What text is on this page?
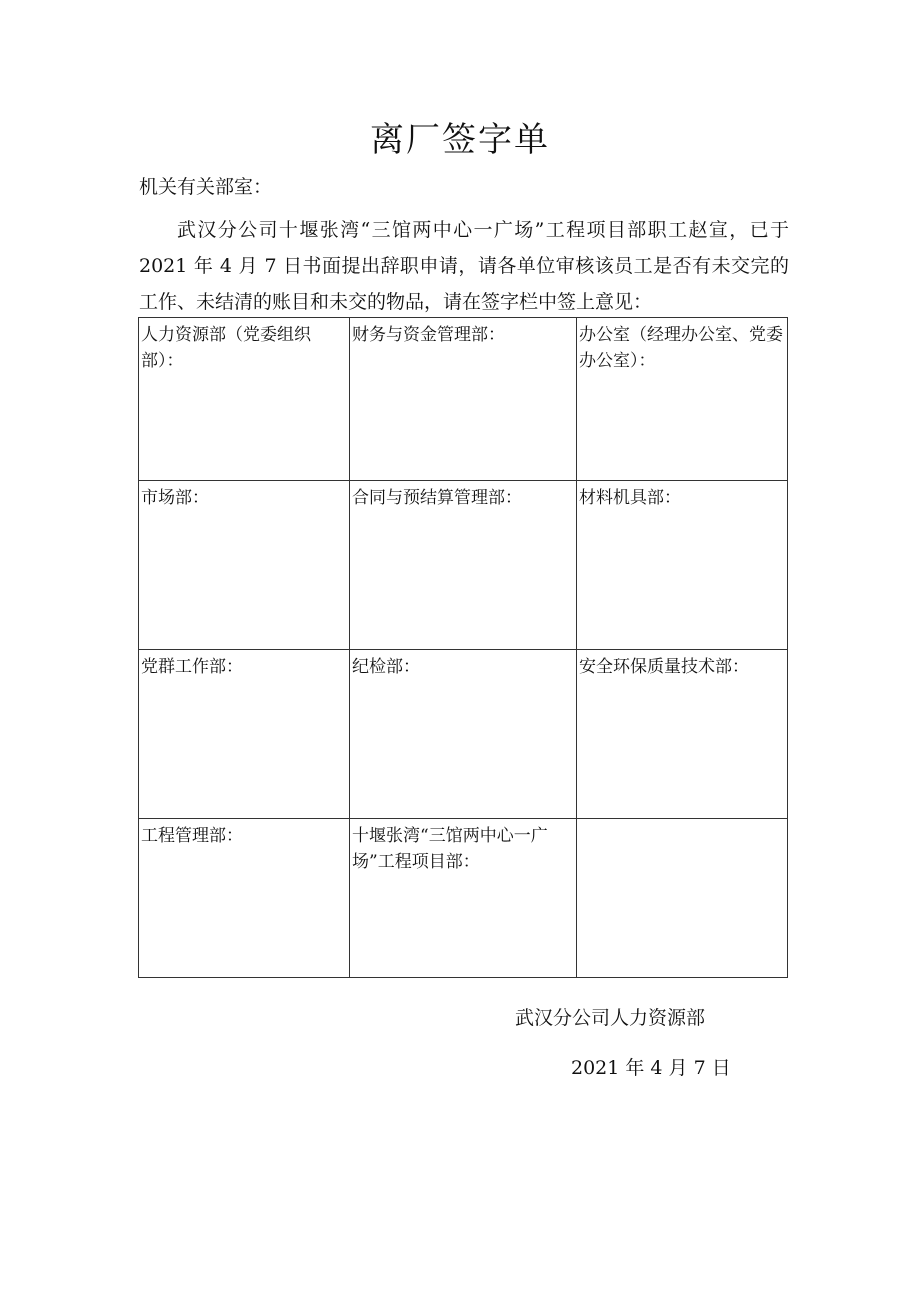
离厂签字单
机关有关部室：
武汉分公司十堰张湾“三馆两中心一广场”工程项目部职工赵宣，已于 2021 年 4 月 7 日书面提出辞职申请，请各单位审核该员工是否有未交完的工作、未结清的账目和未交的物品，请在签字栏中签上意见：
人力资源部（党委组织部）：	财务与资金管理部：	办公室（经理办公室、党委办公室）：
市场部：	合同与预结算管理部：	材料机具部：
党群工作部：	纪检部：	安全环保质量技术部：
工程管理部：	十堰张湾“三馆两中心一广场”工程项目部：	
武汉分公司人力资源部
2021 年 4 月 7 日
